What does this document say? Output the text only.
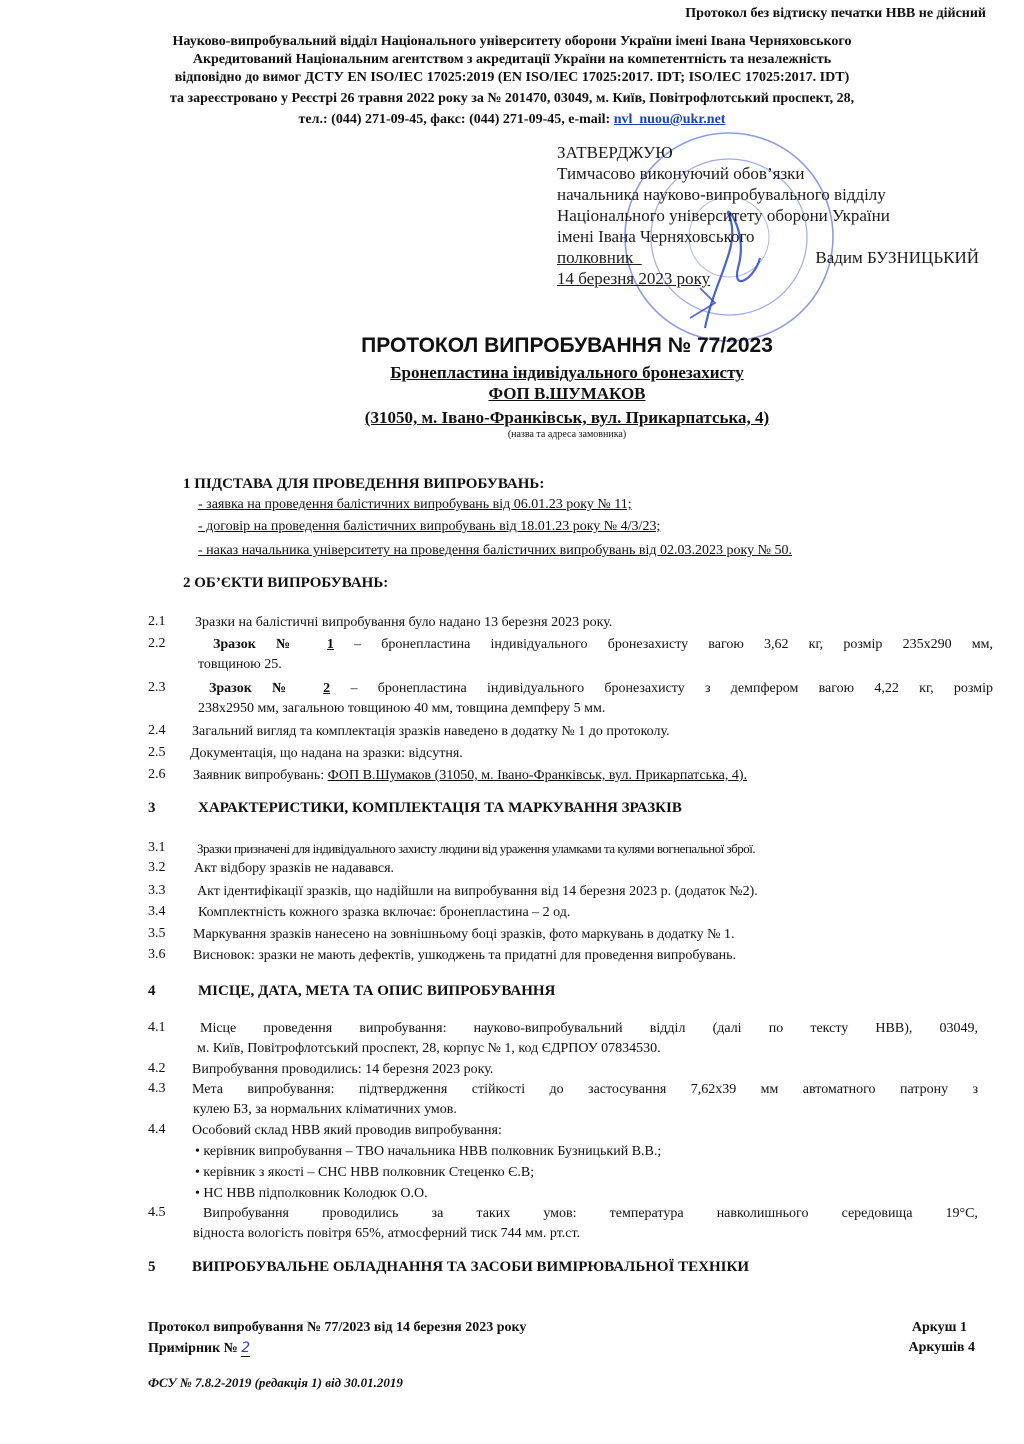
Протокол без відтиску печатки НВВ не дійсний
Науково-випробувальний відділ Національного університету оборони України імені Івана Черняховського
Акредитований Національним агентством з акредитації України на компетентність та незалежність
відповідно до вимог ДСТУ EN ISO/IEC 17025:2019 (EN ISO/IEC 17025:2017. IDT; ISO/IEC 17025:2017. IDT)
та зареєстровано у Реєстрі 26 травня 2022 року за № 201470, 03049, м. Київ, Повітрофлотський проспект, 28,
тел.: (044) 271-09-45, факс: (044) 271-09-45, e-mail: nvl_nuou@ukr.net
ЗАТВЕРДЖУЮ
Тимчасово виконуючий обов’язки
начальника науково-випробувального відділу
Національного університету оборони України
імені Івана Черняховського
полковник	Вадим БУЗНИЦЬКИЙ

14 березня 2023 року
ПРОТОКОЛ ВИПРОБУВАННЯ № 77/2023
Бронепластина індивідуального бронезахисту
ФОП В.ШУМАКОВ
(31050, м. Івано-Франківськ, вул. Прикарпатська, 4)
(назва та адреса замовника)
1 ПІДСТАВА ДЛЯ ПРОВЕДЕННЯ ВИПРОБУВАНЬ:
- заявка на проведення балістичних випробувань від 06.01.23 року № 11;
- договір на проведення балістичних випробувань від 18.01.23 року № 4/3/23;
- наказ начальника університету на проведення балістичних випробувань від 02.03.2023 року № 50.
2 ОБ’ЄКТИ ВИПРОБУВАНЬ:
2.1 Зразки на балістичні випробування було надано 13 березня 2023 року.
2.2	Зразок № 1 – бронепластина індивідуального бронезахисту вагою 3,62 кг, розмір 235х290 мм,
товщиною 25.
2.3	Зразок № 2 – бронепластина індивідуального бронезахисту з демпфером вагою 4,22 кг, розмір
238х2950 мм, загальною товщиною 40 мм, товщина демпферу 5 мм.
2.4 Загальний вигляд та комплектація зразків наведено в додатку № 1 до протоколу.
2.5 Документація, що надана на зразки: відсутня.
2.6 Заявник випробувань: ФОП В.Шумаков (31050, м. Івано-Франківськ, вул. Прикарпатська, 4).
3	ХАРАКТЕРИСТИКИ, КОМПЛЕКТАЦІЯ ТА МАРКУВАННЯ ЗРАЗКІВ
3.1 Зразки призначені для індивідуального захисту людини від ураження уламками та кулями вогнепальної зброї.
3.2 Акт відбору зразків не надавався.
3.3 Акт ідентифікації зразків, що надійшли на випробування від 14 березня 2023 р. (додаток №2).
3.4 Комплектність кожного зразка включає: бронепластина – 2 од.
3.5 Маркування зразків нанесено на зовнішньому боці зразків, фото маркувань в додатку № 1.
3.6 Висновок: зразки не мають дефектів, ушкоджень та придатні для проведення випробувань.
4	МІСЦЕ, ДАТА, МЕТА ТА ОПИС ВИПРОБУВАННЯ
4.1 Місце проведення випробування: науково-випробувальний відділ (далі по тексту НВВ), 03049,
м. Київ, Повітрофлотський проспект, 28, корпус № 1, код ЄДРПОУ 07834530.
4.2 Випробування проводились: 14 березня 2023 року.
4.3 Мета випробування: підтвердження стійкості до застосування 7,62х39 мм автоматного патрону з
кулею БЗ, за нормальних кліматичних умов.
4.4 Особовий склад НВВ який проводив випробування:
• керівник випробування – ТВО начальника НВВ полковник Бузницький В.В.;
• керівник з якості – СНС НВВ полковник Стеценко Є.В;
• НС НВВ підполковник Колодюк О.О.
4.5	Випробування проводились за таких умов: температура навколишнього середовища 19°С,
відноста вологість повітря 65%, атмосферний тиск 744 мм. рт.ст.
5 ВИПРОБУВАЛЬНЕ ОБЛАДНАННЯ ТА ЗАСОБИ ВИМІРЮВАЛЬНОЇ ТЕХНІКИ
Протокол випробування № 77/2023 від 14 березня 2023 року	Аркуш 1
Примірник № 2	Аркушів 4
ФСУ № 7.8.2-2019 (редакція 1) від 30.01.2019
